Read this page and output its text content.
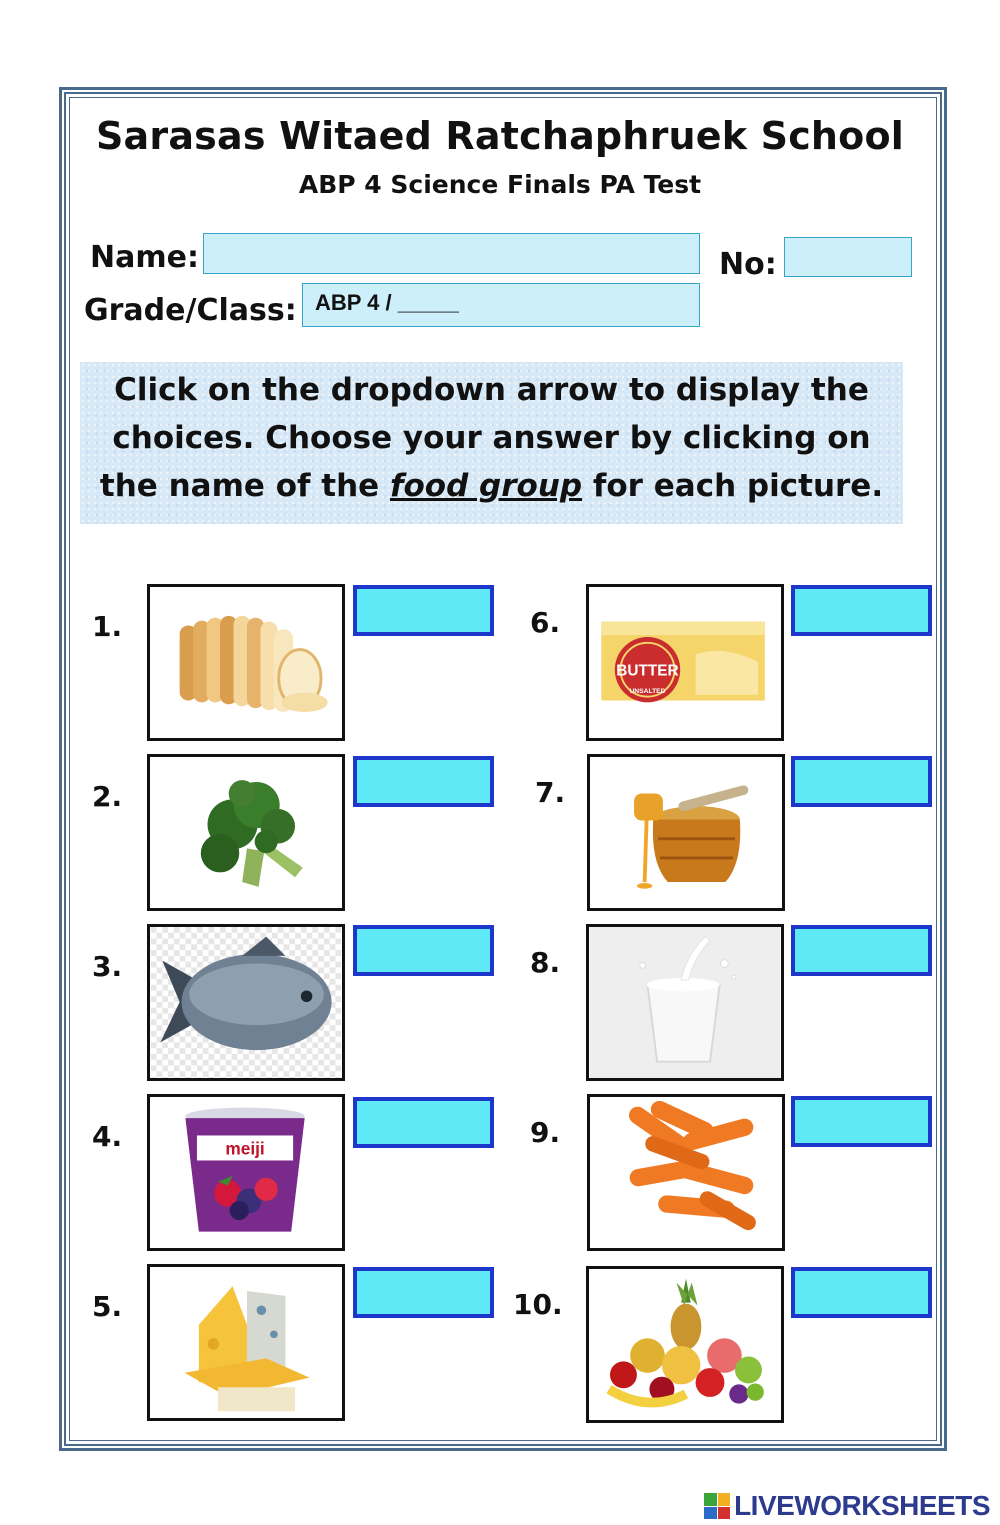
Sarasas Witaed Ratchaphruek School
ABP 4 Science Finals PA Test
Name:	No:
Grade/Class: ABP 4 / _____
Click on the dropdown arrow to display the
choices. Choose your answer by clicking on
the name of the food group for each picture.
1.
2.
3.
4.	meiji
5.
6.
BUTTER
UNSALTED
7.
8.
9.
10.
LIVEWORKSHEETS
